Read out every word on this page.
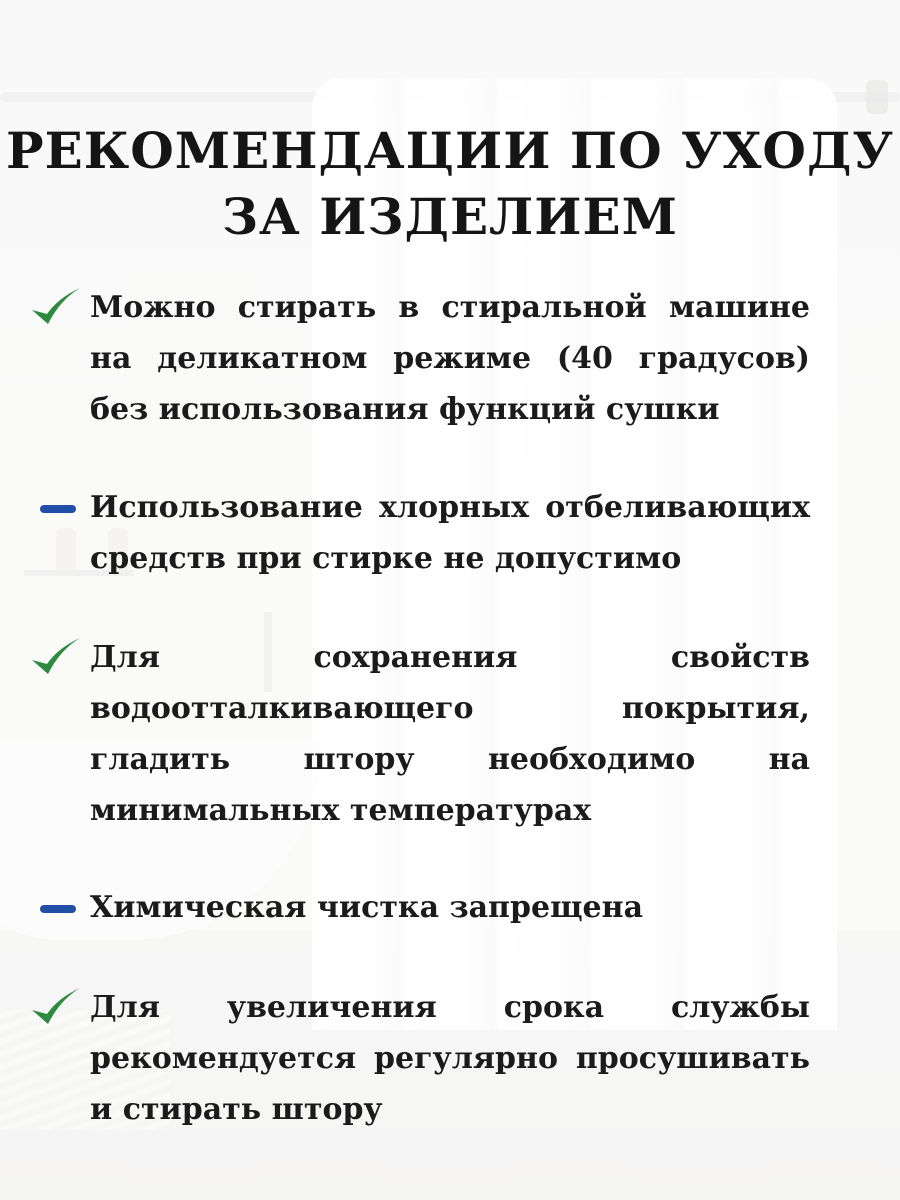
РЕКОМЕНДАЦИИ ПО УХОДУ
ЗА ИЗДЕЛИЕМ
Можно стирать в стиральной машине на деликатном режиме (40 градусов) без использования функций сушки
Использование хлорных отбеливающих средств при стирке не допустимо
Для сохранения свойств водоотталкивающего покрытия, гладить штору необходимо на минимальных температурах
Химическая чистка запрещена
Для увеличения срока службы рекомендуется регулярно просушивать и стирать штору
